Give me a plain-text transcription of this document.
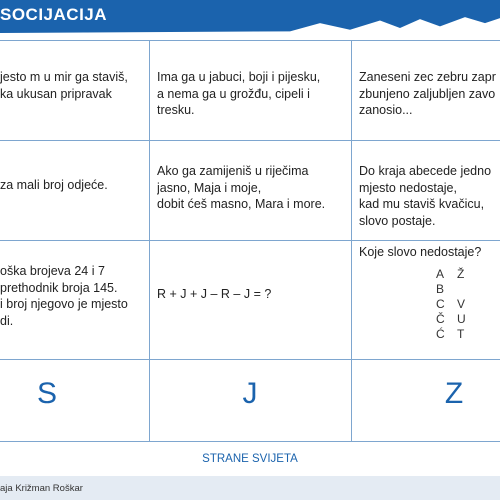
SOCIJACIJA
jesto m u mir ga staviš,
ka ukusan pripravak
Ima ga u jabuci, boji i pijesku,
a nema ga u grožđu, cipeli i
tresku.
Zaneseni zec zebru zapr
zbunjeno zaljubljen zavo
zanosio...
za mali broj odjeće.
Ako ga zamijeniš u riječima
jasno, Maja i moje,
dobit ćeš masno, Mara i more.
Do kraja abecede jedno
mjesto nedostaje,
kad mu staviš kvačicu,
slovo postaje.
oška brojeva 24 i 7
prethodnik broja 145.
i broj njegovo je mjesto
di.
R + J + J – R – J = ?
Koje slovo nedostaje?
A
B
C
Č
Ć
Ž
V
U
T
S	J	Z
STRANE SVIJETA
aja Križman Roškar
